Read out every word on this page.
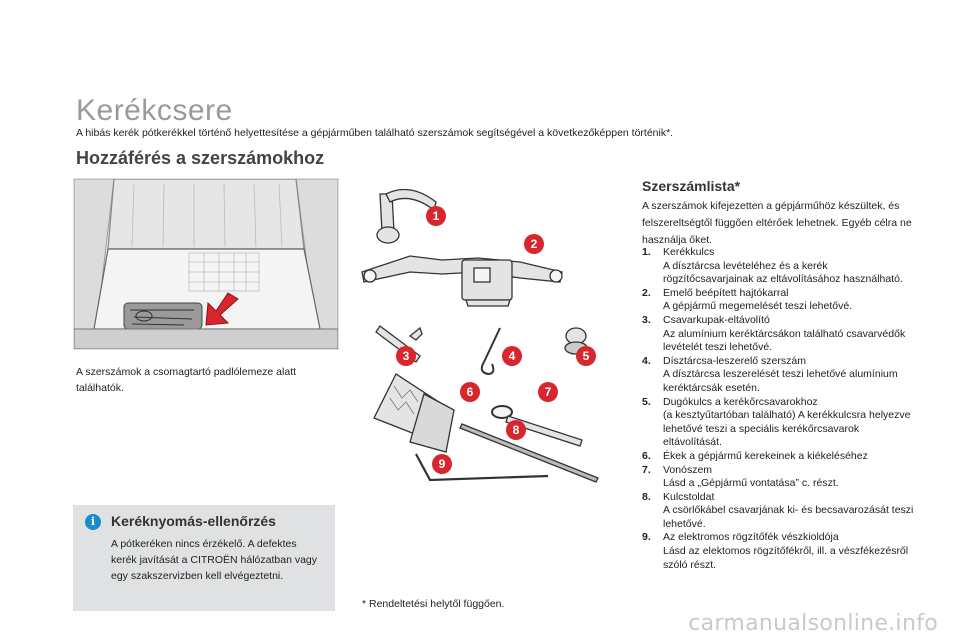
Kerékcsere
A hibás kerék pótkerékkel történő helyettesítése a gépjárműben található szerszámok segítségével a következőképpen történik*.
Hozzáférés a szerszámokhoz
A szerszámok a csomagtartó padlólemeze alatt találhatók.
1
2
3	4	5
6	7
8
9
i	Keréknyomás-ellenőrzés
A pótkeréken nincs érzékelő. A defektes kerék javítását a CITROËN hálózatban vagy egy szakszervizben kell elvégeztetni.
* Rendeltetési helytől függően.
Szerszámlista*
A szerszámok kifejezetten a gépjárműhöz készültek, és felszereltségtől függően eltérőek lehetnek. Egyéb célra ne használja őket.
1.	Kerékkulcs
A dísztárcsa levételéhez és a kerék rögzítőcsavarjainak az eltávolításához használható.
2.	Emelő beépített hajtókarral
A gépjármű megemelését teszi lehetővé.
3.	Csavarkupak-eltávolító
Az alumínium keréktárcsákon található csavarvédők levételét teszi lehetővé.
4.	Dísztárcsa-leszerelő szerszám
A dísztárcsa leszerelését teszi lehetővé alumínium keréktárcsák esetén.
5.	Dugókulcs a kerékőrcsavarokhoz
(a kesztyűtartóban található) A kerékkulcsra helyezve lehetővé teszi a speciális kerékőrcsavarok eltávolítását.
6.	Ékek a gépjármű kerekeinek a kiékeléséhez
7.	Vonószem
Lásd a „Gépjármű vontatása” c. részt.
8.	Kulcstoldat
A csörlőkábel csavarjának ki- és becsavarozását teszi lehetővé.
9.	Az elektromos rögzítőfék vészkioldója
Lásd az elektomos rögzítőfékről, ill. a vészfékezésről szóló részt.
carmanualsonline.info
